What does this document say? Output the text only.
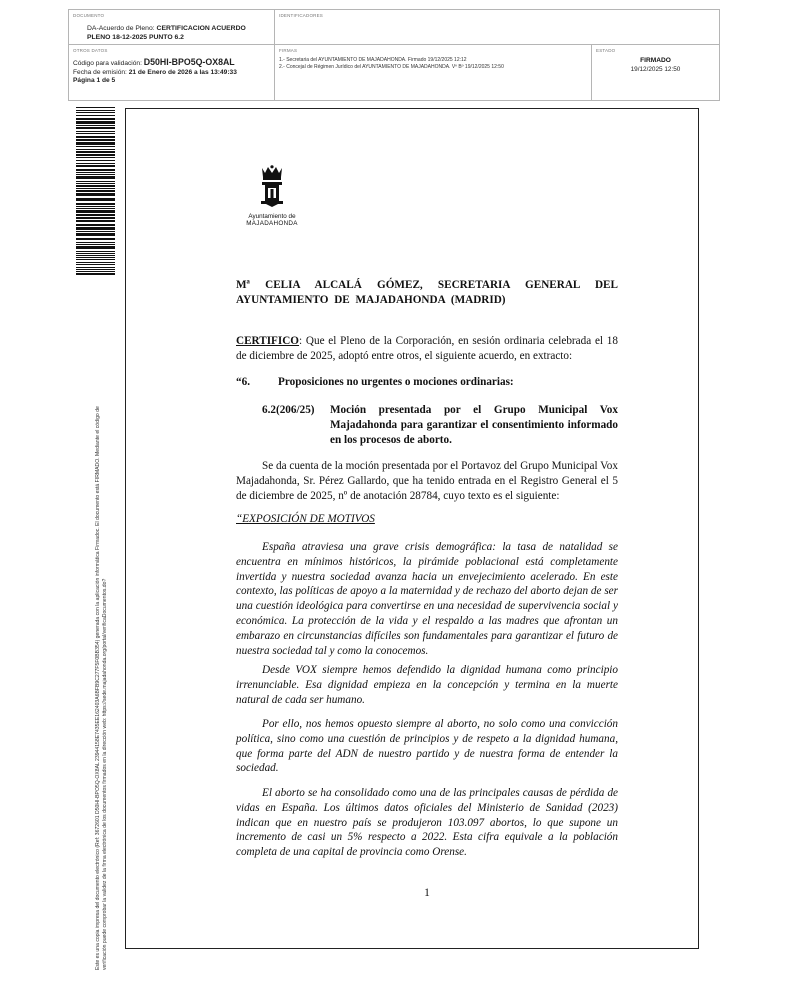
DOCUMENTO
DA-Acuerdo de Pleno: CERTIFICACION ACUERDO
PLENO 18-12-2025 PUNTO 6.2
IDENTIFICADORES
OTROS DATOS
Código para validación: D50HI-BPO5Q-OX8AL
Fecha de emisión: 21 de Enero de 2026 a las 13:49:33
Página 1 de 5
FIRMAS
1.- Secretaria del AYUNTAMIENTO DE MAJADAHONDA. Firmado 19/12/2025 12:12
2.- Concejal de Régimen Jurídico del AYUNTAMIENTO DE MAJADAHONDA. Vº Bº 19/12/2025 12:50
ESTADO
FIRMADO
19/12/2025 12:50
Este es una copia impresa del documento electrónico (Ref: 3672601 D50HI-BPO5Q-OX8AL 23944158E7435EE162403A6BFB9C277F5F0BB354) generada con la aplicación informática Firmadoc. El documento está FIRMADO. Mediante el código de verificación puede comprobar la validez de la firma electrónica de los documentos firmados en la dirección web: https://sede.majadahonda.org/portal/verificaDocumentos.do?
Ayuntamiento de
MAJADAHONDA
Mª CELIA ALCALÁ GÓMEZ, SECRETARIA GENERAL DEL AYUNTAMIENTO DE MAJADAHONDA (MADRID)
CERTIFICO: Que el Pleno de la Corporación, en sesión ordinaria celebrada el 18 de diciembre de 2025, adoptó entre otros, el siguiente acuerdo, en extracto:
“6.	Proposiciones no urgentes o mociones ordinarias:
6.2(206/25) Moción presentada por el Grupo Municipal Vox Majadahonda para garantizar el consentimiento informado en los procesos de aborto.
Se da cuenta de la moción presentada por el Portavoz del Grupo Municipal Vox Majadahonda, Sr. Pérez Gallardo, que ha tenido entrada en el Registro General el 5 de diciembre de 2025, nº de anotación 28784, cuyo texto es el siguiente:
“EXPOSICIÓN DE MOTIVOS
España atraviesa una grave crisis demográfica: la tasa de natalidad se encuentra en mínimos históricos, la pirámide poblacional está completamente invertida y nuestra sociedad avanza hacia un envejecimiento acelerado. En este contexto, las políticas de apoyo a la maternidad y de rechazo del aborto dejan de ser una cuestión ideológica para convertirse en una necesidad de supervivencia social y económica. La protección de la vida y el respaldo a las madres que afrontan un embarazo en circunstancias difíciles son fundamentales para garantizar el futuro de nuestra sociedad tal y como la conocemos.
Desde VOX siempre hemos defendido la dignidad humana como principio irrenunciable. Esa dignidad empieza en la concepción y termina en la muerte natural de cada ser humano.
Por ello, nos hemos opuesto siempre al aborto, no solo como una convicción política, sino como una cuestión de principios y de respeto a la dignidad humana, que forma parte del ADN de nuestro partido y de nuestra forma de entender la sociedad.
El aborto se ha consolidado como una de las principales causas de pérdida de vidas en España. Los últimos datos oficiales del Ministerio de Sanidad (2023) indican que en nuestro país se produjeron 103.097 abortos, lo que supone un incremento de casi un 5% respecto a 2022. Esta cifra equivale a la población completa de una capital de provincia como Orense.
1
